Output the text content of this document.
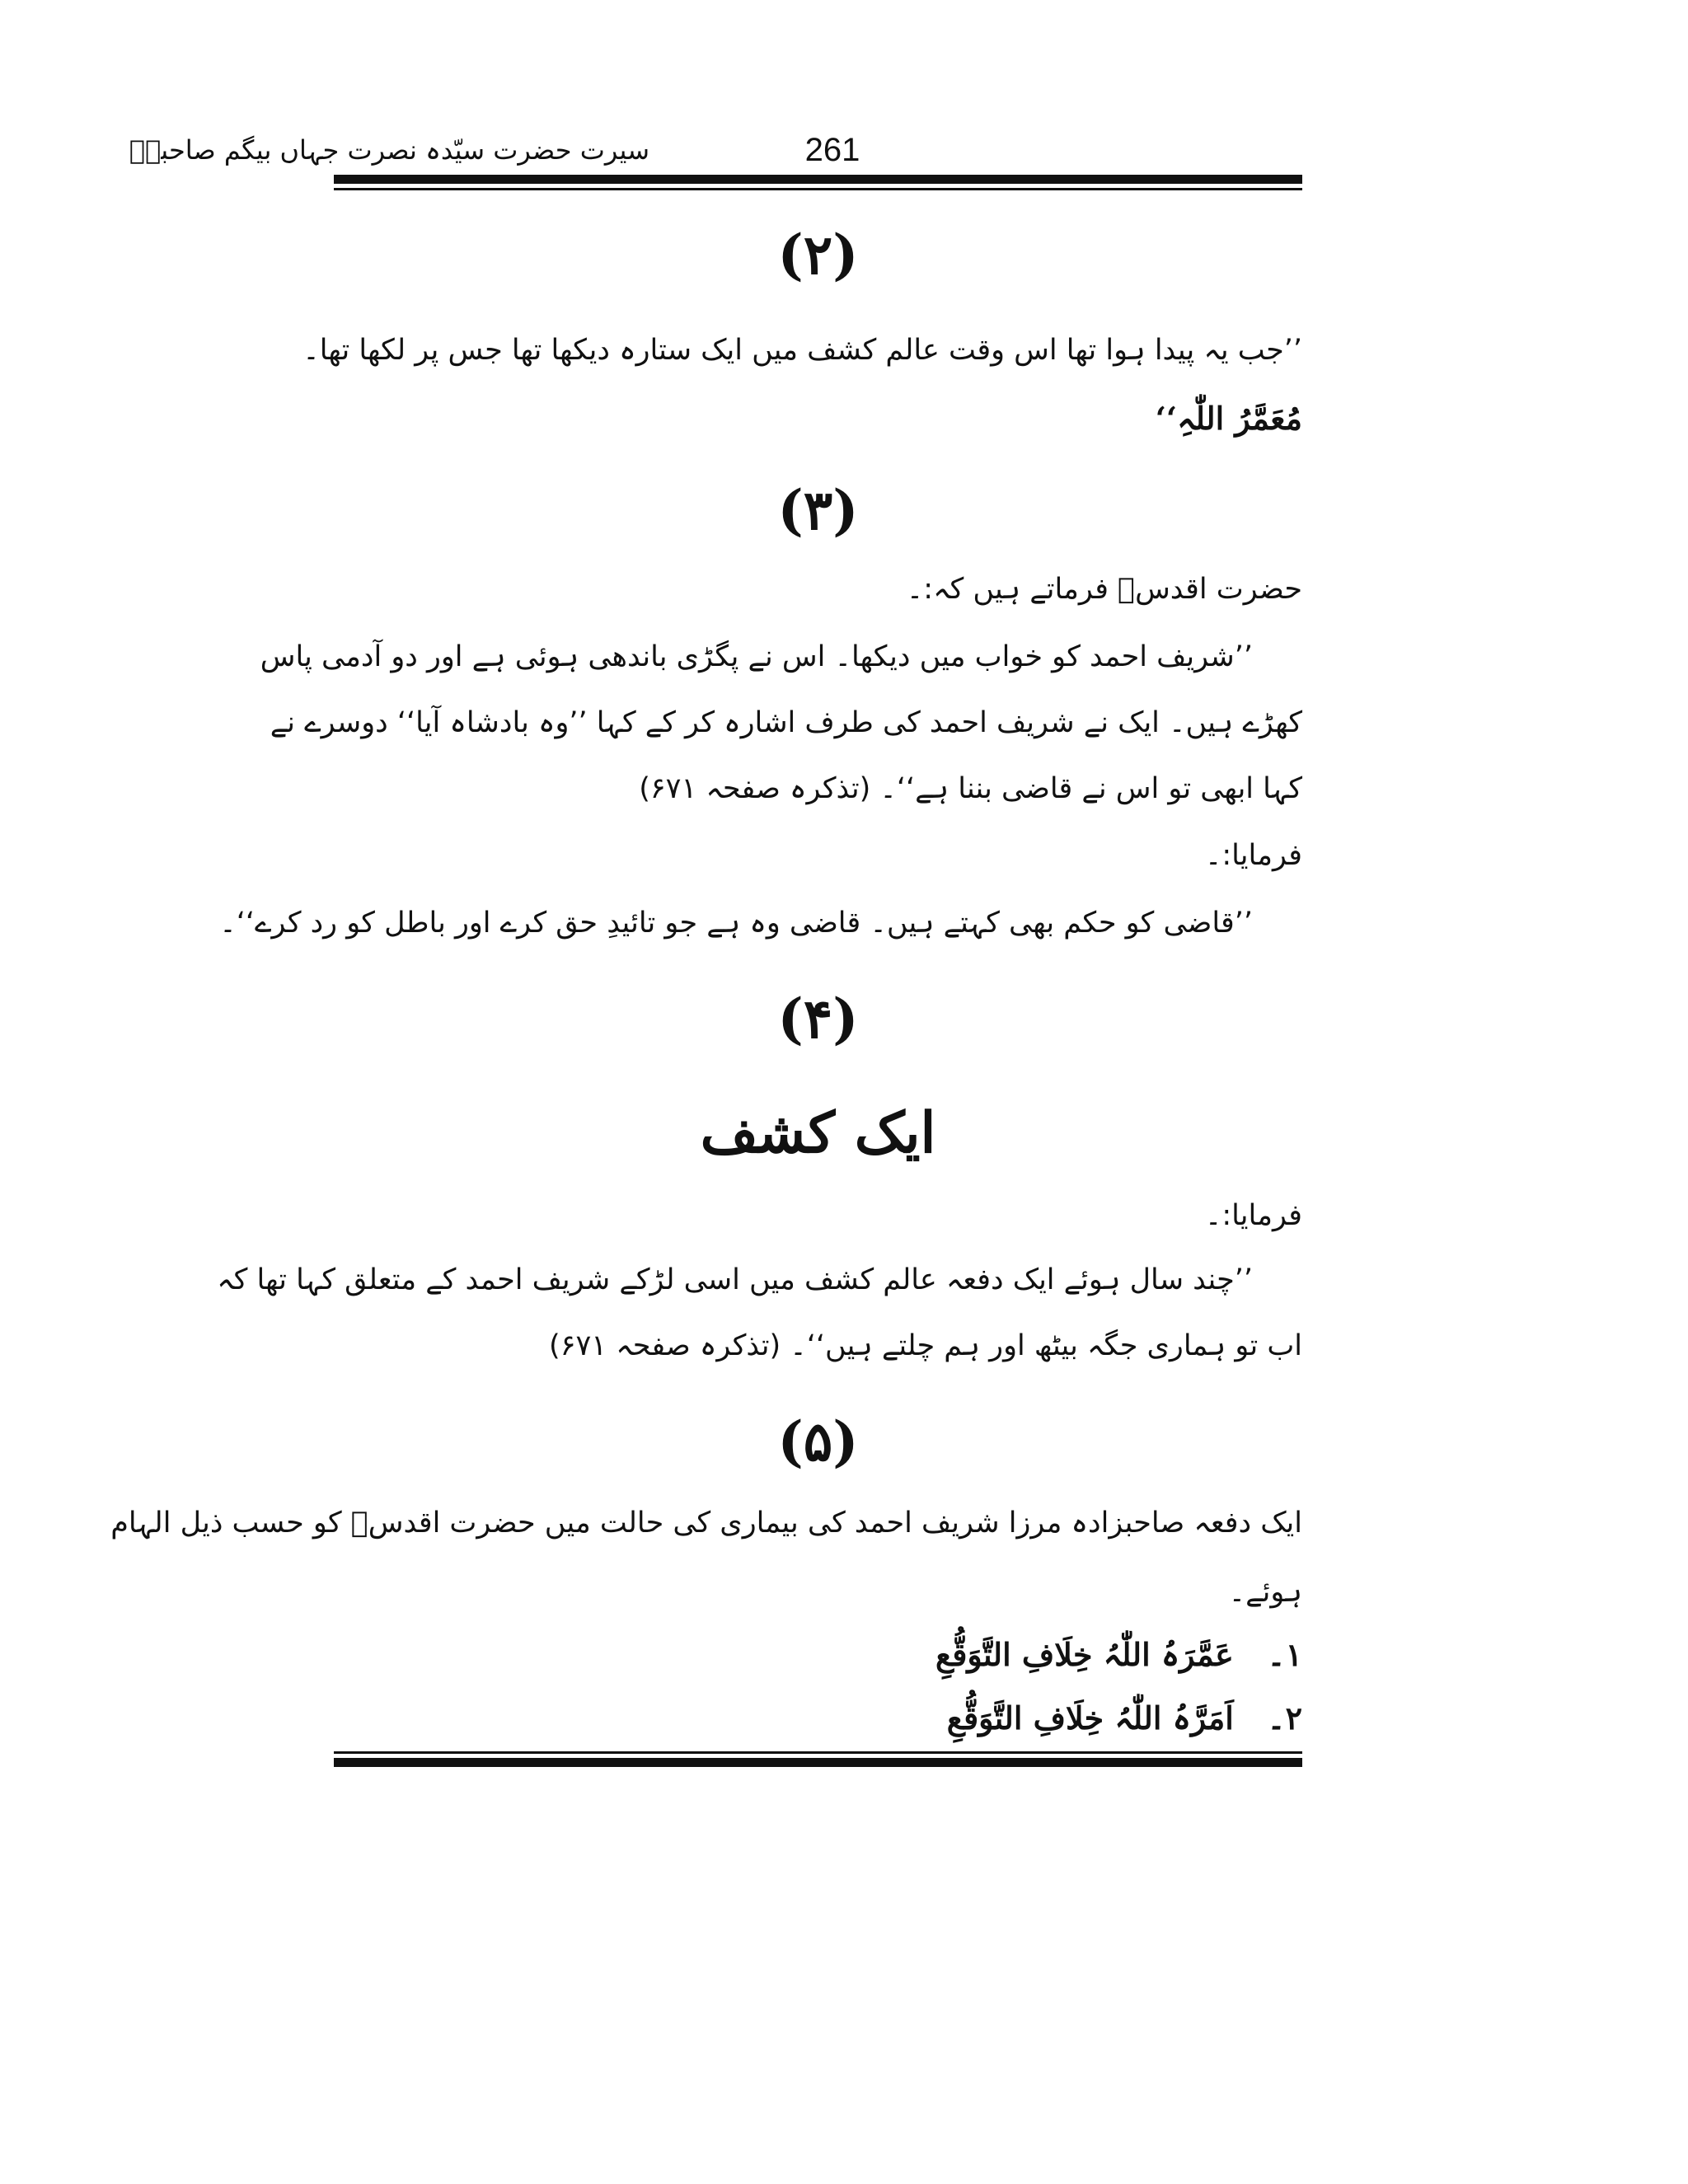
سیرت حضرت سیّدہ نصرت جہاں بیگم صاحبہؓ	261
(۲)
’’جب یہ پیدا ہوا تھا اس وقت عالم کشف میں ایک ستارہ دیکھا تھا جس پر لکھا تھا۔
مُعَمَّرُ اللّٰہِ‘‘
(۳)
حضرت اقدسؑ فرماتے ہیں کہ:۔
’’شریف احمد کو خواب میں دیکھا۔ اس نے پگڑی باندھی ہوئی ہے اور دو آدمی پاس
کھڑے ہیں۔ ایک نے شریف احمد کی طرف اشارہ کر کے کہا ’’وہ بادشاہ آیا‘‘ دوسرے نے
کہا ابھی تو اس نے قاضی بننا ہے‘‘۔ (تذکرہ صفحہ ۶۷۱)
فرمایا:۔
’’قاضی کو حکم بھی کہتے ہیں۔ قاضی وہ ہے جو تائیدِ حق کرے اور باطل کو رد کرے‘‘۔
(۴)
ایک کشف
فرمایا:۔
’’چند سال ہوئے ایک دفعہ عالم کشف میں اسی لڑکے شریف احمد کے متعلق کہا تھا کہ
اب تو ہماری جگہ بیٹھ اور ہم چلتے ہیں‘‘۔ (تذکرہ صفحہ ۶۷۱)
(۵)
ایک دفعہ صاحبزادہ مرزا شریف احمد کی بیماری کی حالت میں حضرت اقدسؑ کو حسب ذیل الہام
ہوئے۔
۱۔ عَمَّرَہُ اللّٰہُ خِلَافِ التَّوَقُّعِ
۲۔ اَمَرَّہُ اللّٰہُ خِلَافِ التَّوَقُّعِ
